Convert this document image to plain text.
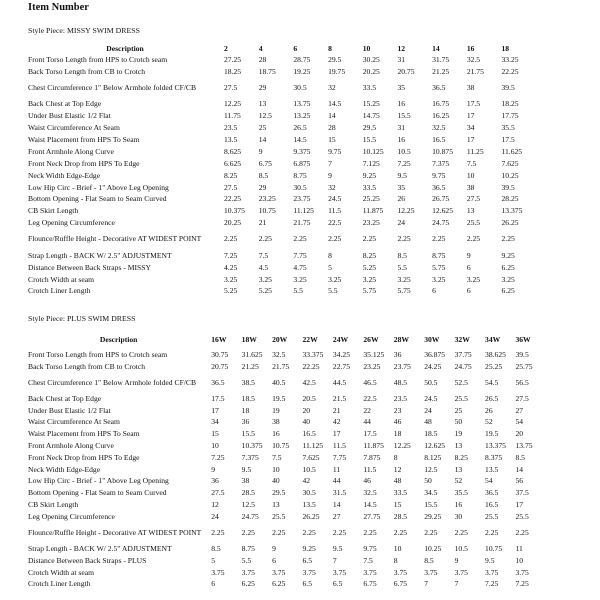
Item Number
Style Piece: MISSY SWIM DRESS
Description	2	4	6	8	10	12	14	16	18
Front Torso Length from HPS to Crotch seam	27.25	28	28.75	29.5	30.25	31	31.75	32.5	33.25
Back Torso Length from CB to Crotch	18.25	18.75	19.25	19.75	20.25	20.75	21.25	21.75	22.25
Chest Circumference 1" Below Armhole folded CF/CB	27.5	29	30.5	32	33.5	35	36.5	38	39.5
Back Chest at Top Edge	12.25	13	13.75	14.5	15.25	16	16.75	17.5	18.25
Under Bust Elastic 1/2 Flat	11.75	12.5	13.25	14	14.75	15.5	16.25	17	17.75
Waist Circumference At Seam	23.5	25	26.5	28	29.5	31	32.5	34	35.5
Waist Placement from HPS To Seam	13.5	14	14.5	15	15.5	16	16.5	17	17.5
Front Armhole Along Curve	8.625	9	9.375	9.75	10.125	10.5	10.875	11.25	11.625
Front Neck Drop from HPS To Edge	6.625	6.75	6.875	7	7.125	7.25	7.375	7.5	7.625
Neck Width Edge-Edge	8.25	8.5	8.75	9	9.25	9.5	9.75	10	10.25
Low Hip Circ - Brief - 1" Above Leg Opening	27.5	29	30.5	32	33.5	35	36.5	38	39.5
Bottom Opening - Flat Seam to Seam Curved	22.25	23.25	23.75	24.5	25.25	26	26.75	27.5	28.25
CB Skirt Length	10.375	10.75	11.125	11.5	11.875	12.25	12.625	13	13.375
Leg Opening Circumference	20.25	21	21.75	22.5	23.25	24	24.75	25.5	26.25
Flounce/Ruffle Height - Decorative AT WIDEST POINT	2.25	2.25	2.25	2.25	2.25	2.25	2.25	2.25	2.25
Strap Length - BACK W/ 2.5" ADJUSTMENT	7.25	7.5	7.75	8	8.25	8.5	8.75	9	9.25
Distance Between Back Straps - MISSY	4.25	4.5	4.75	5	5.25	5.5	5.75	6	6.25
Crotch Width at seam	3.25	3.25	3.25	3.25	3.25	3.25	3.25	3.25	3.25
Crotch Liner Length	5.25	5.25	5.5	5.5	5.75	5.75	6	6	6.25
Style Piece: PLUS SWIM DRESS
Description	16W	18W	20W	22W	24W	26W	28W	30W	32W	34W	36W
Front Torso Length from HPS to Crotch seam	30.75	31.625	32.5	33.375	34.25	35.125	36	36.875	37.75	38.625	39.5
Back Torso Length from CB to Crotch	20.75	21.25	21.75	22.25	22.75	23.25	23.75	24.25	24.75	25.25	25.75
Chest Circumference 1" Below Armhole folded CF/CB	36.5	38.5	40.5	42.5	44.5	46.5	48.5	50.5	52.5	54.5	56.5
Back Chest at Top Edge	17.5	18.5	19.5	20.5	21.5	22.5	23.5	24.5	25.5	26.5	27.5
Under Bust Elastic 1/2 Flat	17	18	19	20	21	22	23	24	25	26	27
Waist Circumference At Seam	34	36	38	40	42	44	46	48	50	52	54
Waist Placement from HPS To Seam	15	15.5	16	16.5	17	17.5	18	18.5	19	19.5	20
Front Armhole Along Curve	10	10.375	10.75	11.125	11.5	11.875	12.25	12.625	13	13.375	13.75
Front Neck Drop from HPS To Edge	7.25	7.375	7.5	7.625	7.75	7.875	8	8.125	8.25	8.375	8.5
Neck Width Edge-Edge	9	9.5	10	10.5	11	11.5	12	12.5	13	13.5	14
Low Hip Circ - Brief - 1" Above Leg Opening	36	38	40	42	44	46	48	50	52	54	56
Bottom Opening - Flat Seam to Seam Curved	27.5	28.5	29.5	30.5	31.5	32.5	33.5	34.5	35.5	36.5	37.5
CB Skirt Length	12	12.5	13	13.5	14	14.5	15	15.5	16	16.5	17
Leg Opening Circumference	24	24.75	25.5	26.25	27	27.75	28.5	29.25	30	25.5	25.5
Flounce/Ruffle Height - Decorative AT WIDEST POINT	2.25	2.25	2.25	2.25	2.25	2.25	2.25	2.25	2.25	2.25	2.25
Strap Length - BACK W/ 2.5" ADJUSTMENT	8.5	8.75	9	9.25	9.5	9.75	10	10.25	10.5	10.75	11
Distance Between Back Straps - PLUS	5	5.5	6	6.5	7	7.5	8	8.5	9	9.5	10
Crotch Width at seam	3.75	3.75	3.75	3.75	3.75	3.75	3.75	3.75	3.75	3.75	3.75
Crotch Liner Length	6	6.25	6.25	6.5	6.5	6.75	6.75	7	7	7.25	7.25
